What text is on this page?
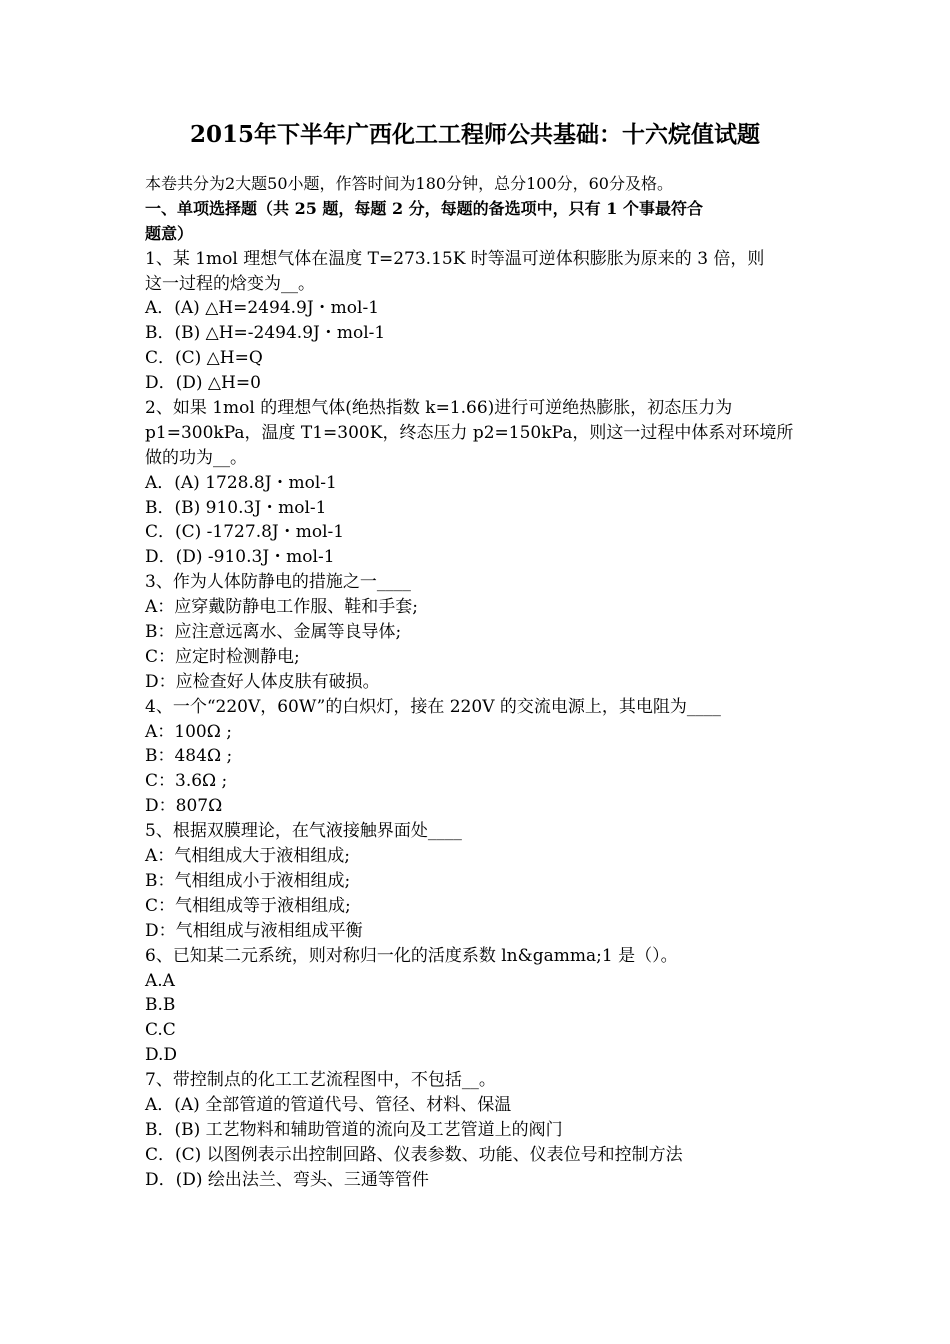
2015年下半年广西化工工程师公共基础：十六烷值试题
本卷共分为2大题50小题，作答时间为180分钟，总分100分，60分及格。
一、单项选择题（共 25 题，每题 2 分，每题的备选项中，只有 1 个事最符合
题意）
1、某 1mol 理想气体在温度 T=273.15K 时等温可逆体积膨胀为原来的 3 倍，则
这一过程的焓变为__。
A．(A) △H=2494.9J・mol-1
B．(B) △H=-2494.9J・mol-1
C．(C) △H=Q
D．(D) △H=0
2、如果 1mol 的理想气体(绝热指数 k=1.66)进行可逆绝热膨胀，初态压力为
p1=300kPa，温度 T1=300K，终态压力 p2=150kPa，则这一过程中体系对环境所
做的功为__。
A．(A) 1728.8J・mol-1
B．(B) 910.3J・mol-1
C．(C) -1727.8J・mol-1
D．(D) -910.3J・mol-1
3、作为人体防静电的措施之一____
A：应穿戴防静电工作服、鞋和手套;
B：应注意远离水、金属等良导体;
C：应定时检测静电;
D：应检查好人体皮肤有破损。
4、一个“220V，60W”的白炽灯，接在 220V 的交流电源上，其电阻为____
A：100Ω ;
B：484Ω ;
C：3.6Ω ;
D：807Ω
5、根据双膜理论，在气液接触界面处____
A：气相组成大于液相组成;
B：气相组成小于液相组成;
C：气相组成等于液相组成;
D：气相组成与液相组成平衡
6、已知某二元系统，则对称归一化的活度系数 ln&gamma;1 是（）。
A.A
B.B
C.C
D.D
7、带控制点的化工工艺流程图中，不包括__。
A．(A) 全部管道的管道代号、管径、材料、保温
B．(B) 工艺物料和辅助管道的流向及工艺管道上的阀门
C．(C) 以图例表示出控制回路、仪表参数、功能、仪表位号和控制方法
D．(D) 绘出法兰、弯头、三通等管件
